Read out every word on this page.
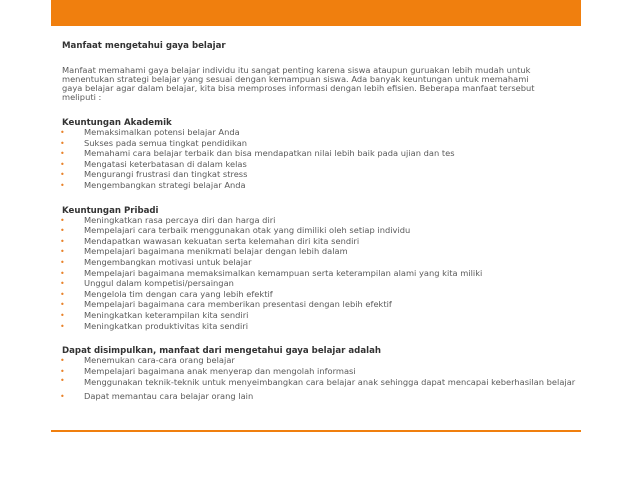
Manfaat mengetahui gaya belajar

Manfaat memahami gaya belajar individu itu sangat penting karena siswa ataupun guruakan lebih mudah untuk
menentukan strategi belajar yang sesuai dengan kemampuan siswa. Ada banyak keuntungan untuk memahami
gaya belajar agar dalam belajar, kita bisa memproses informasi dengan lebih efisien. Beberapa manfaat tersebut
meliputi :

Keuntungan Akademik

• Memaksimalkan potensi belajar Anda
• Sukses pada semua tingkat pendidikan
• Memahami cara belajar terbaik dan bisa mendapatkan nilai lebih baik pada ujian dan tes
• Mengatasi keterbatasan di dalam kelas
• Mengurangi frustrasi dan tingkat stress
• Mengembangkan strategi belajar Anda

Keuntungan Pribadi

• Meningkatkan rasa percaya diri dan harga diri
• Mempelajari cara terbaik menggunakan otak yang dimiliki oleh setiap individu
• Mendapatkan wawasan kekuatan serta kelemahan diri kita sendiri
• Mempelajari bagaimana menikmati belajar dengan lebih dalam
• Mengembangkan motivasi untuk belajar
• Mempelajari bagaimana memaksimalkan kemampuan serta keterampilan alami yang kita miliki
• Unggul dalam kompetisi/persaingan
• Mengelola tim dengan cara yang lebih efektif
• Mempelajari bagaimana cara memberikan presentasi dengan lebih efektif
• Meningkatkan keterampilan kita sendiri
• Meningkatkan produktivitas kita sendiri

Dapat disimpulkan, manfaat dari mengetahui gaya belajar adalah

• Menemukan cara-cara orang belajar
• Mempelajari bagaimana anak menyerap dan mengolah informasi
• Menggunakan teknik-teknik untuk menyeimbangkan cara belajar anak sehingga dapat mencapai keberhasilan belajar
• Dapat memantau cara belajar orang lain
